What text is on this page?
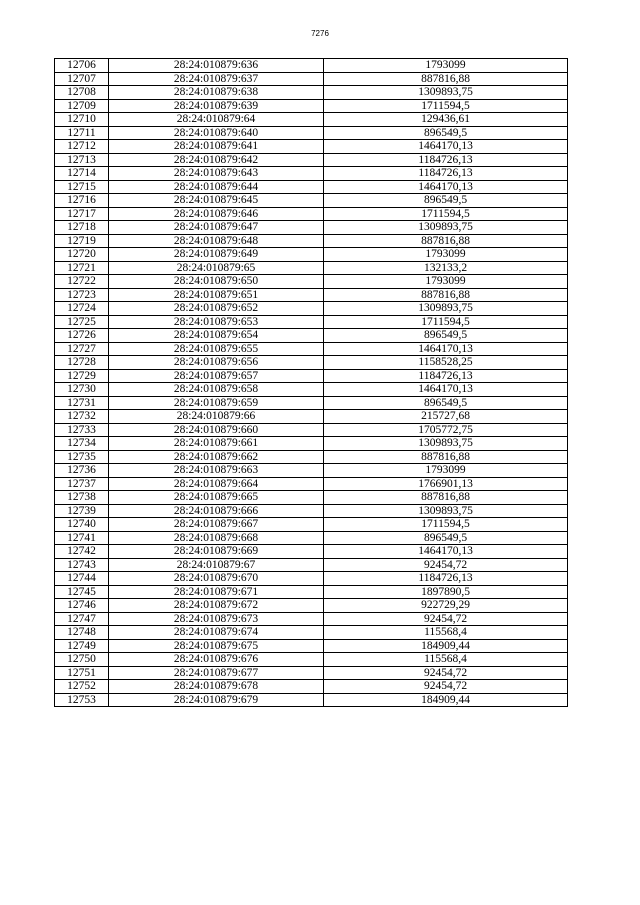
7276
12706	28:24:010879:636	1793099
12707	28:24:010879:637	887816,88
12708	28:24:010879:638	1309893,75
12709	28:24:010879:639	1711594,5
12710	28:24:010879:64	129436,61
12711	28:24:010879:640	896549,5
12712	28:24:010879:641	1464170,13
12713	28:24:010879:642	1184726,13
12714	28:24:010879:643	1184726,13
12715	28:24:010879:644	1464170,13
12716	28:24:010879:645	896549,5
12717	28:24:010879:646	1711594,5
12718	28:24:010879:647	1309893,75
12719	28:24:010879:648	887816,88
12720	28:24:010879:649	1793099
12721	28:24:010879:65	132133,2
12722	28:24:010879:650	1793099
12723	28:24:010879:651	887816,88
12724	28:24:010879:652	1309893,75
12725	28:24:010879:653	1711594,5
12726	28:24:010879:654	896549,5
12727	28:24:010879:655	1464170,13
12728	28:24:010879:656	1158528,25
12729	28:24:010879:657	1184726,13
12730	28:24:010879:658	1464170,13
12731	28:24:010879:659	896549,5
12732	28:24:010879:66	215727,68
12733	28:24:010879:660	1705772,75
12734	28:24:010879:661	1309893,75
12735	28:24:010879:662	887816,88
12736	28:24:010879:663	1793099
12737	28:24:010879:664	1766901,13
12738	28:24:010879:665	887816,88
12739	28:24:010879:666	1309893,75
12740	28:24:010879:667	1711594,5
12741	28:24:010879:668	896549,5
12742	28:24:010879:669	1464170,13
12743	28:24:010879:67	92454,72
12744	28:24:010879:670	1184726,13
12745	28:24:010879:671	1897890,5
12746	28:24:010879:672	922729,29
12747	28:24:010879:673	92454,72
12748	28:24:010879:674	115568,4
12749	28:24:010879:675	184909,44
12750	28:24:010879:676	115568,4
12751	28:24:010879:677	92454,72
12752	28:24:010879:678	92454,72
12753	28:24:010879:679	184909,44
